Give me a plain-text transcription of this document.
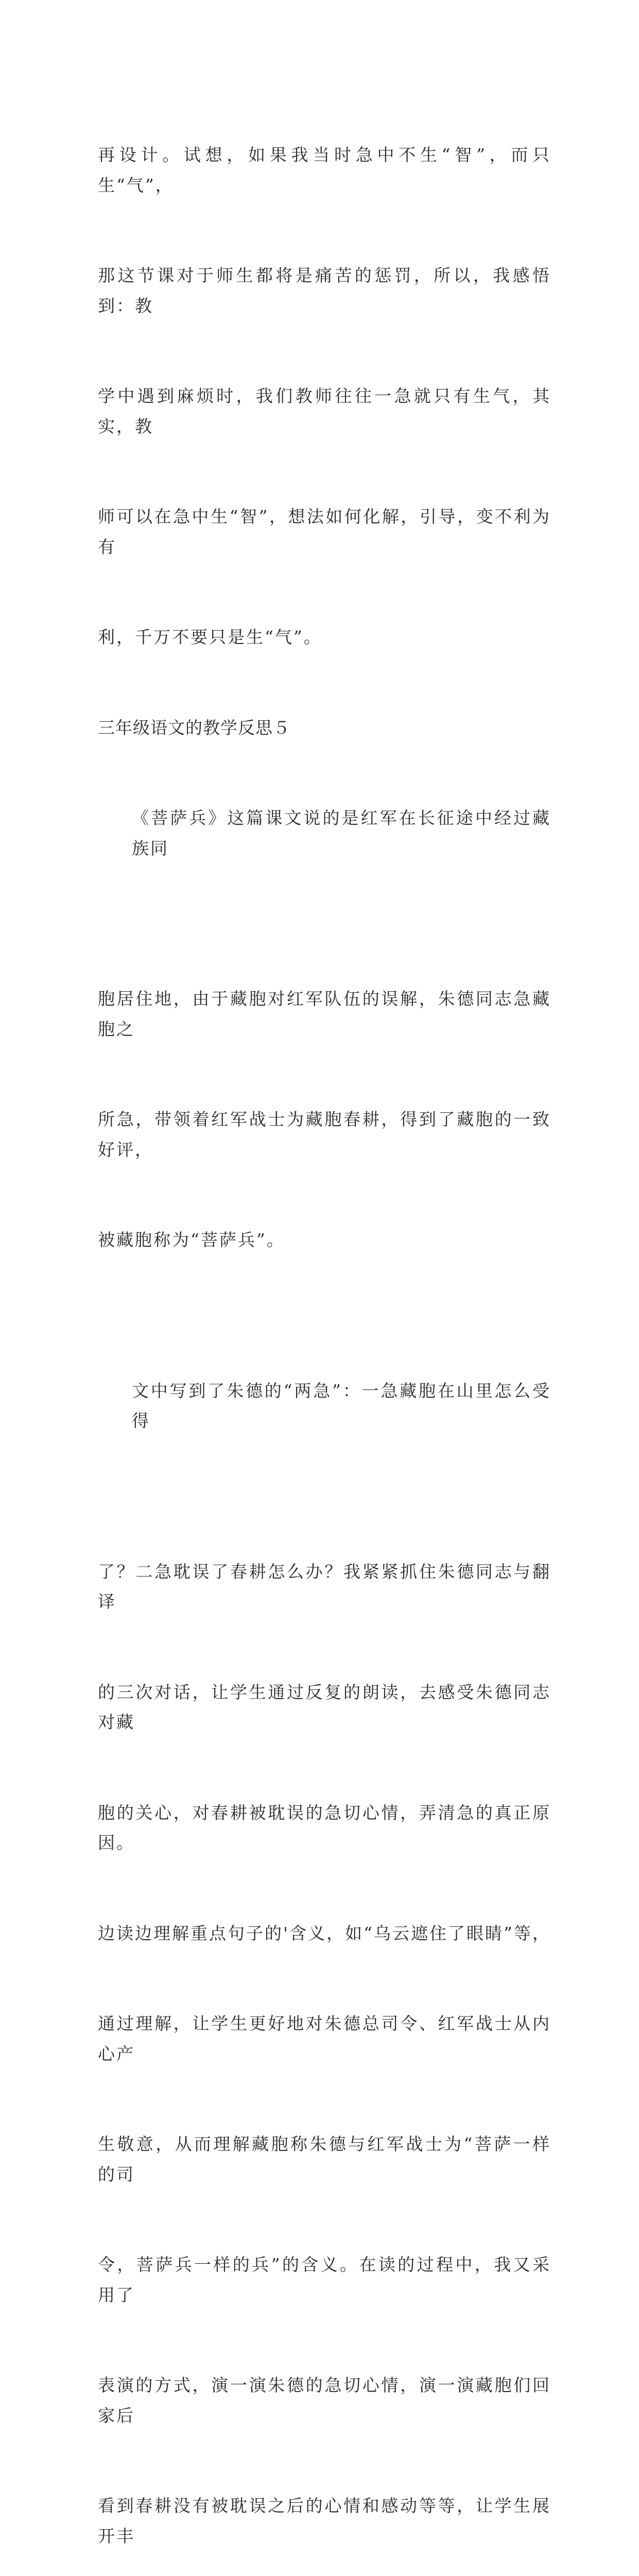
再设计。试想，如果我当时急中不生“智”，而只生“气”，

那这节课对于师生都将是痛苦的惩罚，所以，我感悟到：教

学中遇到麻烦时，我们教师往往一急就只有生气，其实，教

师可以在急中生“智”，想法如何化解，引导，变不利为有

利，千万不要只是生“气”。

三年级语文的教学反思５

《菩萨兵》这篇课文说的是红军在长征途中经过藏族同

胞居住地，由于藏胞对红军队伍的误解，朱德同志急藏胞之

所急，带领着红军战士为藏胞春耕，得到了藏胞的一致好评，

被藏胞称为“菩萨兵”。

文中写到了朱德的“两急”：一急藏胞在山里怎么受得

了？二急耽误了春耕怎么办？我紧紧抓住朱德同志与翻译

的三次对话，让学生通过反复的朗读，去感受朱德同志对藏

胞的关心，对春耕被耽误的急切心情，弄清急的真正原因。

边读边理解重点句子的'含义，如“乌云遮住了眼睛”等，

通过理解，让学生更好地对朱德总司令、红军战士从内心产

生敬意，从而理解藏胞称朱德与红军战士为“菩萨一样的司

令，菩萨兵一样的兵”的含义。在读的过程中，我又采用了

表演的方式，演一演朱德的急切心情，演一演藏胞们回家后

看到春耕没有被耽误之后的心情和感动等等，让学生展开丰
